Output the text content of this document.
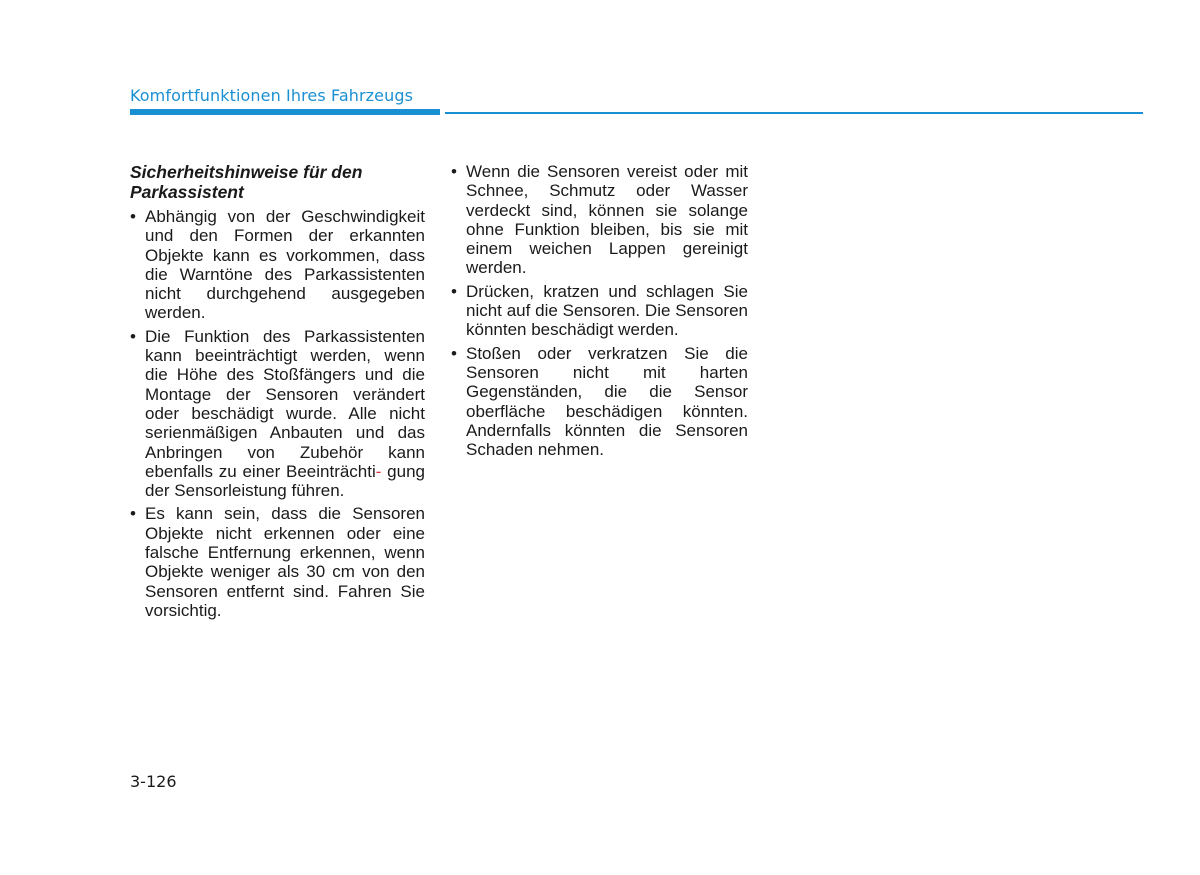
Komfortfunktionen Ihres Fahrzeugs
Sicherheitshinweise für den Parkassistent
• Abhängig von der Geschwindigkeit und den Formen der erkannten Objekte kann es vorkommen, dass die Warntöne des Parkassistenten nicht durchgehend ausgegeben werden.
• Die Funktion des Parkassistenten kann beeinträchtigt werden, wenn die Höhe des Stoßfängers und die Montage der Sensoren verändert oder beschädigt wurde. Alle nicht serienmäßigen Anbauten und das Anbringen von Zubehör kann ebenfalls zu einer Beeinträchti- gung der Sensorleistung führen.
• Es kann sein, dass die Sensoren Objekte nicht erkennen oder eine falsche Entfernung erkennen, wenn Objekte weniger als 30 cm von den Sensoren entfernt sind. Fahren Sie vorsichtig.
• Wenn die Sensoren vereist oder mit Schnee, Schmutz oder Wasser verdeckt sind, können sie solange ohne Funktion bleiben, bis sie mit einem weichen Lappen gereinigt werden.
• Drücken, kratzen und schlagen Sie nicht auf die Sensoren. Die Sensoren könnten beschädigt werden.
• Stoßen oder verkratzen Sie die Sensoren nicht mit harten Gegenständen, die die Sensor oberfläche beschädigen könnten. Andernfalls könnten die Sensoren Schaden nehmen.
3-126
